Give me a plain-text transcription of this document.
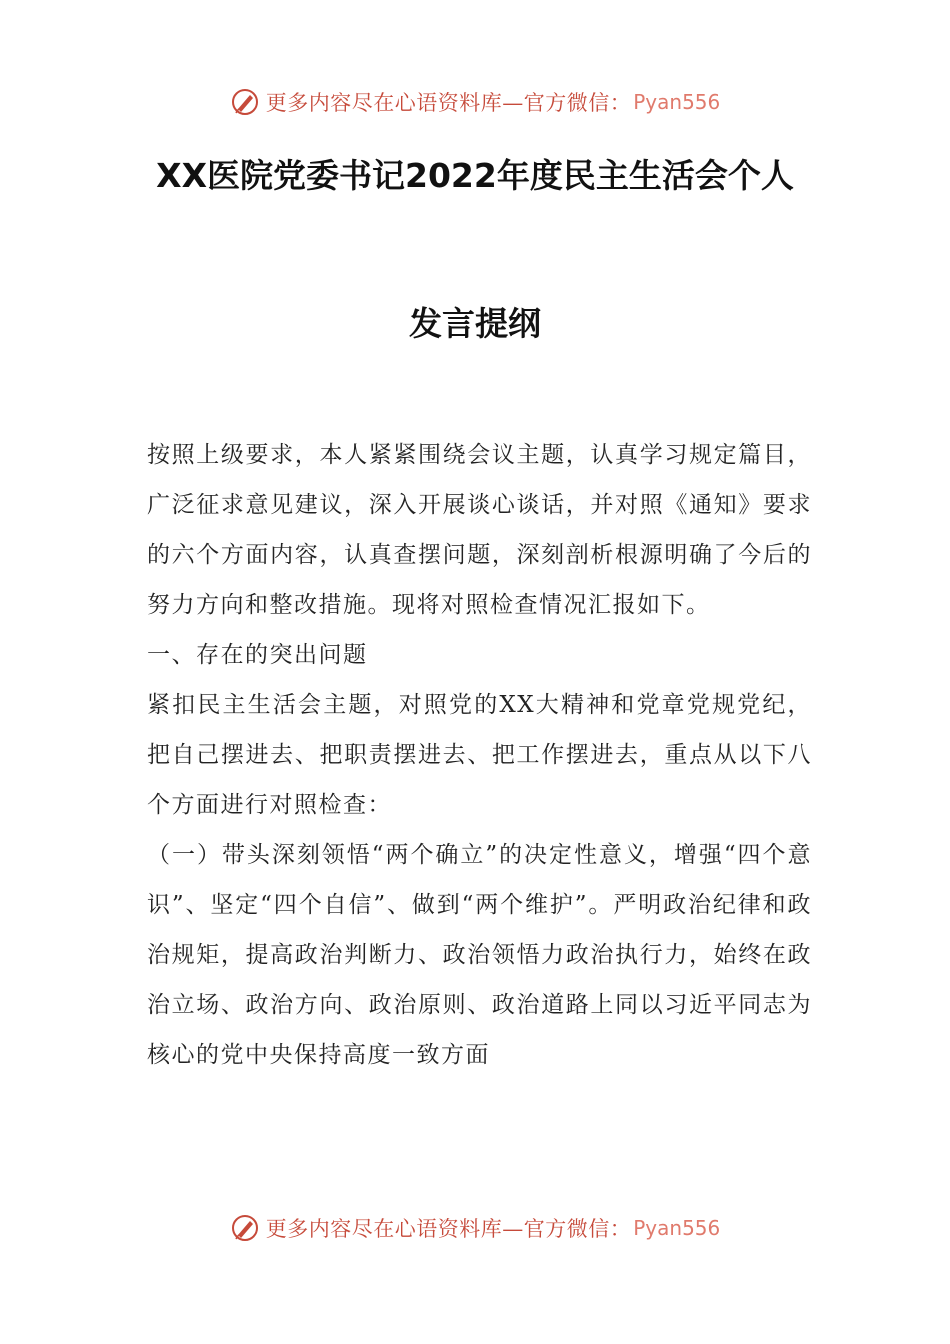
更多内容尽在心语资料库—官方微信： Pyan556
XX医院党委书记2022年度民主生活会个人
发言提纲

按照上级要求，本人紧紧围绕会议主题，认真学习规定篇目，广泛征求意见建议，深入开展谈心谈话，并对照《通知》要求的六个方面内容，认真查摆问题，深刻剖析根源明确了今后的努力方向和整改措施。现将对照检查情况汇报如下。

一、存在的突出问题

紧扣民主生活会主题，对照党的XX大精神和党章党规党纪，把自己摆进去、把职责摆进去、把工作摆进去，重点从以下八个方面进行对照检查：

（一）带头深刻领悟“两个确立”的决定性意义，增强“四个意识”、坚定“四个自信”、做到“两个维护”。严明政治纪律和政治规矩，提高政治判断力、政治领悟力政治执行力，始终在政治立场、政治方向、政治原则、政治道路上同以习近平同志为核心的党中央保持高度一致方面

更多内容尽在心语资料库—官方微信： Pyan556
